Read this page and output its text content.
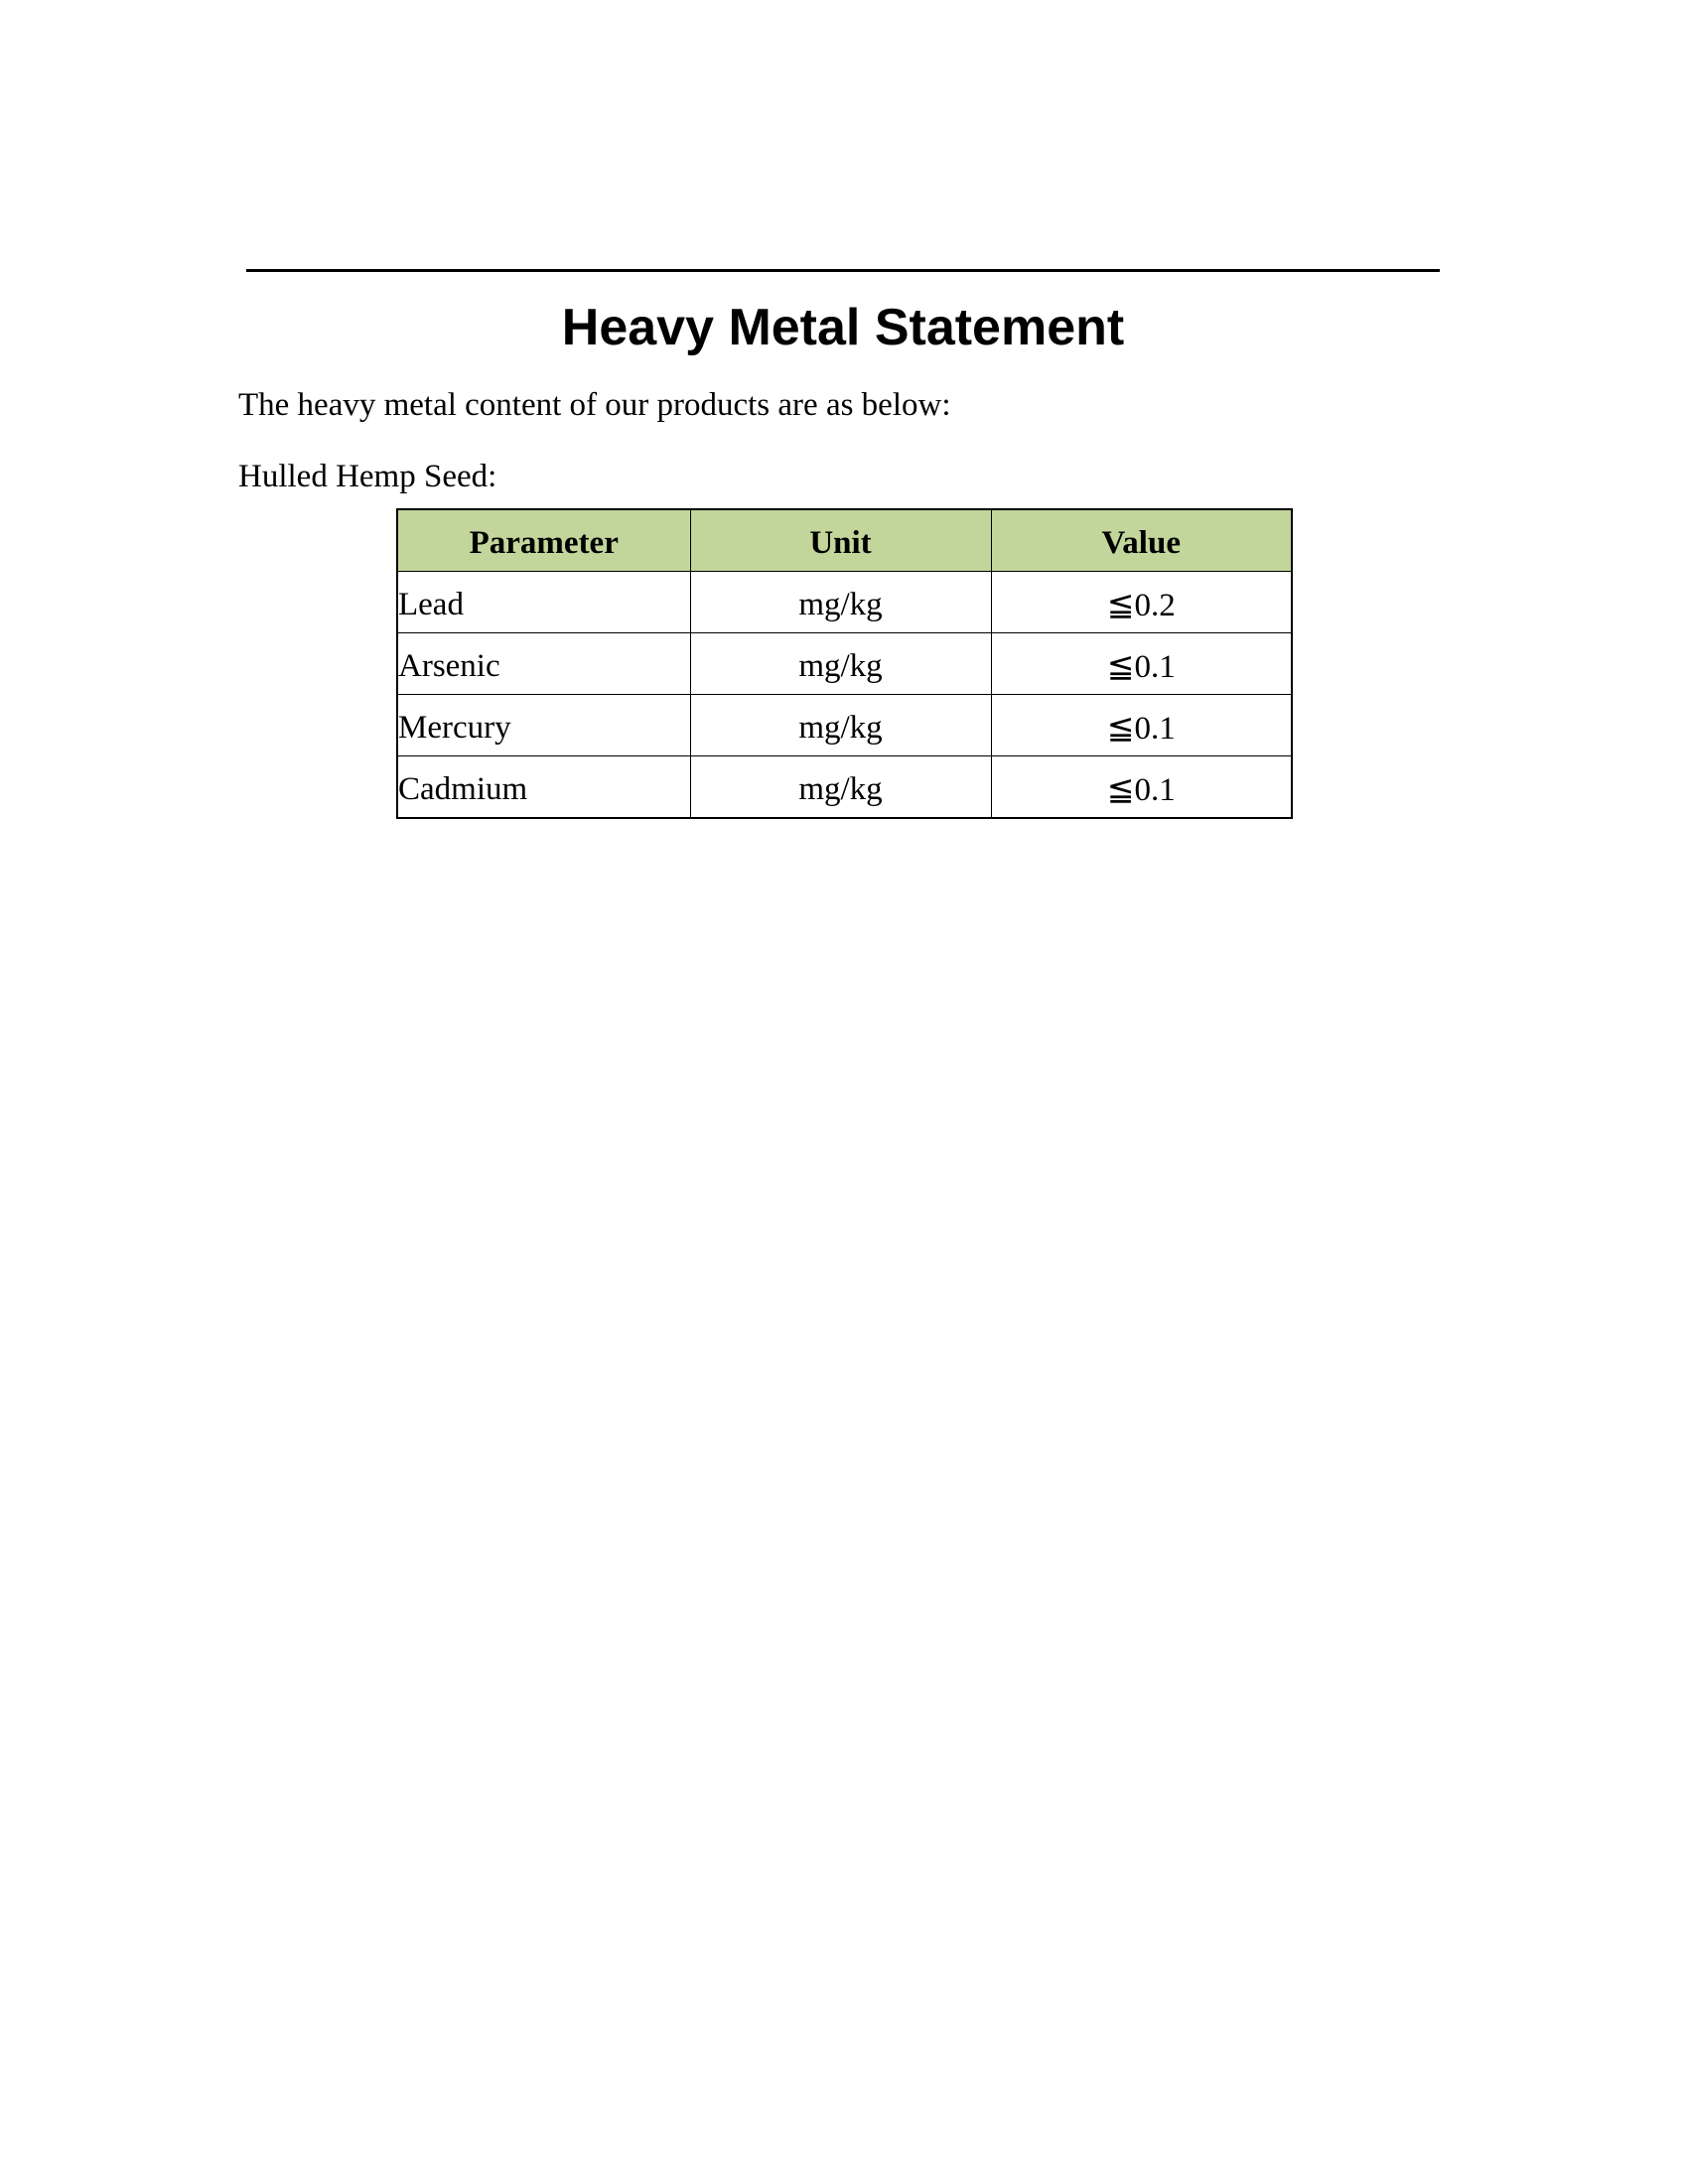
Heavy Metal Statement
The heavy metal content of our products are as below:
Hulled Hemp Seed:
Parameter	Unit	Value
Lead	mg/kg	≦0.2
Arsenic	mg/kg	≦0.1
Mercury	mg/kg	≦0.1
Cadmium	mg/kg	≦0.1
